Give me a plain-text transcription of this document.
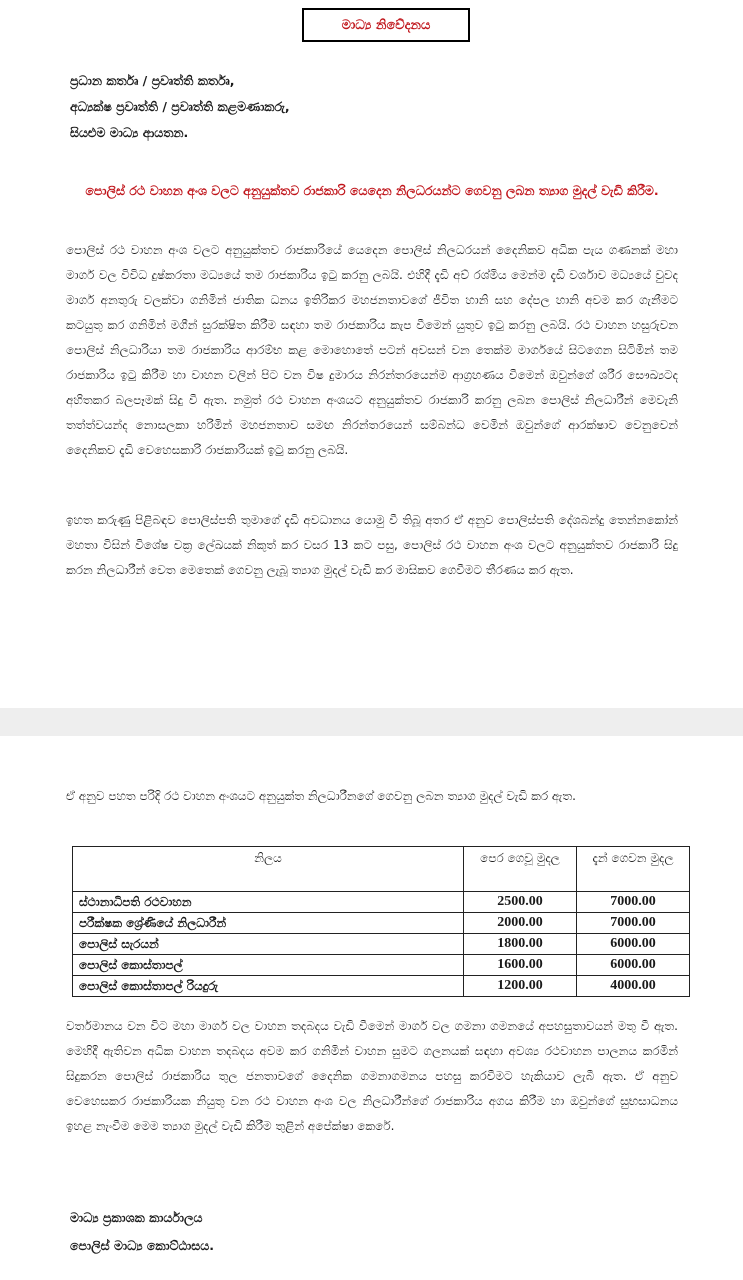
මාධ්‍ය නිවේදනය
ප්‍රධාන කර්තෘ / ප්‍රවෘත්ති කර්තෘ,
අධ්‍යක්ෂ ප්‍රවෘත්ති / ප්‍රවෘත්ති කළමණාකරු,
සියළුම මාධ්‍ය ආයතන.
පොලිස් රථ වාහන අංශ වලට අනුයුක්තව රාජකාරි යෙදෙන නිලධරයන්ට ගෙවනු ලබන ත්‍යාග මුදල් වැඩි කිරීම.

පොලිස් රථ වාහන අංශ වලට අනුයුක්තව රාජකාරියේ යෙදෙන පොලිස් නිලධරයන් දෛනිකව අධික පැය ගණනක් මහා මාර්ග වල විවිධ දුෂ්කරතා මධ්‍යයේ තම රාජකාරිය ඉටු කරනු ලබයි. එහිදී දැඩි අව් රශ්මිය මෙන්ම දැඩි වර්ශාව මධ්‍යයේ වුවද මාර්ග අනතුරු වලක්වා ගනිමින් ජාතික ධනය ඉතිරිකර මහජනතාවගේ ජීවිත හානි සහ දේපල හානි අවම කර ගැනීමට කටයුතු කර ගනිමින් මගීන් සුරක්ෂිත කිරීම සඳහා තම රාජකාරිය කැප වීමෙන් යුතුව ඉටු කරනු ලබයි. රථ වාහන හසුරුවන පොලිස් නිලධාරියා තම රාජකාරිය ආරම්භ කළ මොහොතේ පටන් අවසන් වන තෙක්ම මාර්ගයේ සිටගෙන සිටිමින් තම රාජකාරිය ඉටු කිරීම හා වාහන වලින් පිට වන විෂ දුමාරය නිරන්තරයෙන්ම ආග්‍රහණය වීමෙන් ඔවුන්ගේ ශරීර සෞඛ්‍යටද අහිතකර බලපෑමක් සිදු වී ඇත. නමුත් රථ වාහන අංශයට අනුයුක්තව රාජකාරි කරනු ලබන පොලිස් නිලධාරීන් මෙවැනි තත්ත්වයන්ද නොසලකා හරිමින් මහජනතාව සමඟ නිරන්තරයෙන් සම්බන්ධ වෙමින් ඔවුන්ගේ ආරක්ෂාව වෙනුවෙන් දෛනිකව දැඩි වෙහෙසකාරි රාජකාරියක් ඉටු කරනු ලබයි.

ඉහත කරුණු පිළිබඳව පොලිස්පති තුමාගේ දැඩි අවධානය යොමු වී තිබූ අතර ඒ අනුව පොලිස්පති දේශබන්දු තෙන්නකෝන් මහතා විසින් විශේෂ චක්‍ර ලේඛයක් නිකුත් කර වසර 13 කට පසු, පොලිස් රථ වාහන අංශ වලට අනුයුක්තව රාජකාරි සිදු කරන නිලධාරීන් වෙත මෙතෙක් ගෙවනු ලැබූ ත්‍යාග මුදල් වැඩි කර මාසිකව ගෙවීමට තීරණය කර ඇත.

ඒ අනුව පහත පරිදි රථ වාහන අංශයට අනුයුක්ත නිලධාරීනගේ ගෙවනු ලබන ත්‍යාග මුදල් වැඩි කර ඇත.

නිලය	පෙර ගෙවූ මුදල	දැන් ගෙවන මුදල
ස්ථානාධිපති රථවාහන	2500.00	7000.00
පරීක්ෂක ශ්‍රේණියේ නිලධාරීන්	2000.00	7000.00
පොලිස් සැරයන්	1800.00	6000.00
පොලිස් කොස්තාපල්	1600.00	6000.00
පොලිස් කොස්තාපල් රියදුරු	1200.00	4000.00

වර්තමානය වන විට මහා මාර්ග වල වාහන තදබදය වැඩි වීමෙන් මාර්ග වල ගමනා ගමනයේ අපහසුතාවයන් මතු වී ඇත. මෙහිදී ඇතිවන අධික වාහන තදබදය අවම කර ගනිමින් වාහන සුමට ගලනයක් සඳහා අවශ්‍ය රථවාහන පාලනය කරමින් සිදුකරන පොලිස් රාජකාරිය තුල ජනතාවගේ දෛනික ගමනාගමනය පහසු කරවීමට හැකියාව ලැබී ඇත. ඒ අනුව වෙහෙසකර රාජකාරියක නියුතු වන රථ වාහන අංශ වල නිලධාරීන්ගේ රාජකාරිය අගය කිරීම හා ඔවුන්ගේ සුභසාධනය ඉහළ නැංවීම මෙම ත්‍යාග මුදල් වැඩි කිරීම තුළින් අපේක්ෂා කෙරේ.

මාධ්‍ය ප්‍රකාශක කාර්යාලය
පොලිස් මාධ්‍ය කොට්ඨාසය.
